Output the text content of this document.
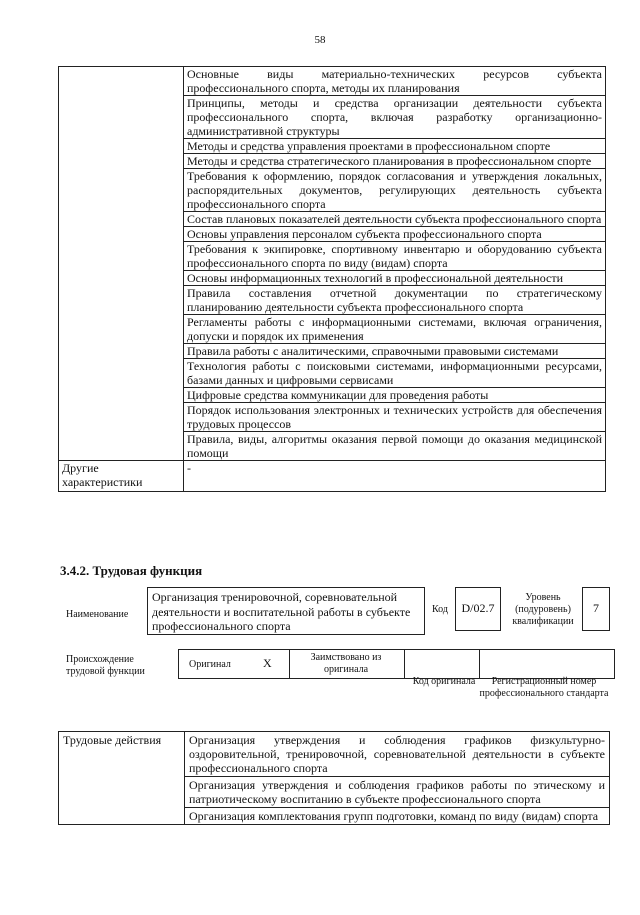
58
	Основные виды материально-технических ресурсов субъекта профессионального спорта, методы их планирования
	Принципы, методы и средства организации деятельности субъекта профессионального спорта, включая разработку организационно-административной структуры
	Методы и средства управления проектами в профессиональном спорте
	Методы и средства стратегического планирования в профессиональном спорте
	Требования к оформлению, порядок согласования и утверждения локальных, распорядительных документов, регулирующих деятельность субъекта профессионального спорта
	Состав плановых показателей деятельности субъекта профессионального спорта
	Основы управления персоналом субъекта профессионального спорта
	Требования к экипировке, спортивному инвентарю и оборудованию субъекта профессионального спорта по виду (видам) спорта
	Основы информационных технологий в профессиональной деятельности
	Правила составления отчетной документации по стратегическому планированию деятельности субъекта профессионального спорта
	Регламенты работы с информационными системами, включая ограничения, допуски и порядок их применения
	Правила работы с аналитическими, справочными правовыми системами
	Технология работы с поисковыми системами, информационными ресурсами, базами данных и цифровыми сервисами
	Цифровые средства коммуникации для проведения работы
	Порядок использования электронных и технических устройств для обеспечения трудовых процессов
	Правила, виды, алгоритмы оказания первой помощи до оказания медицинской помощи
Другие характеристики	-
3.4.2. Трудовая функция
Наименование
Организация тренировочной, соревновательной деятельности и воспитательной работы в субъекте профессионального спорта
Код	D/02.7
Уровень (подуровень) квалификации
7
Происхождение трудовой функции
Оригинал	X	Заимствовано из оригинала
Код оригинала	Регистрационный номер профессионального стандарта
Трудовые действия	Организация утверждения и соблюдения графиков физкультурно-оздоровительной, тренировочной, соревновательной деятельности в субъекте профессионального спорта
Организация утверждения и соблюдения графиков работы по этическому и патриотическому воспитанию в субъекте профессионального спорта
Организация комплектования групп подготовки, команд по виду (видам) спорта
